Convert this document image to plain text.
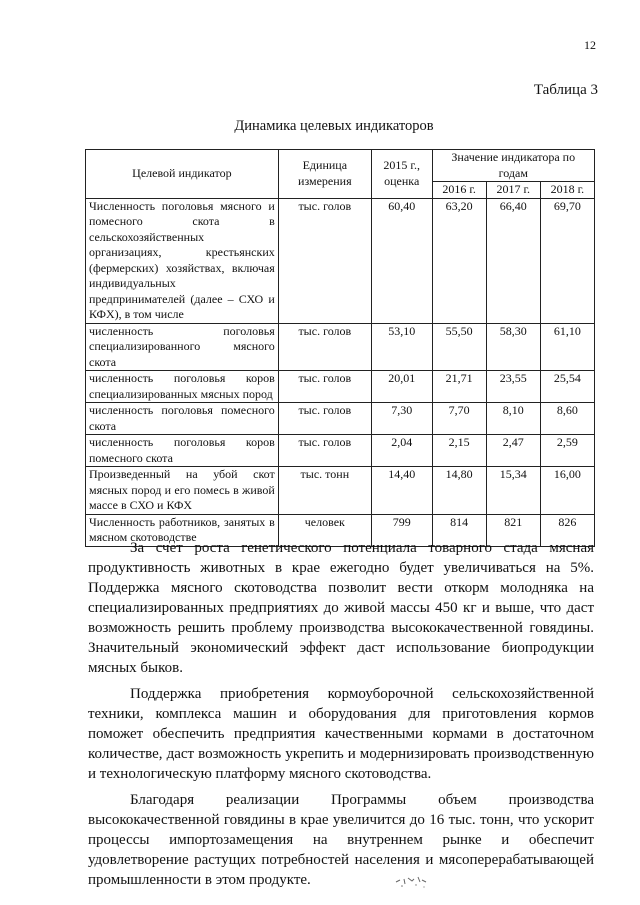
12
Таблица 3
Динамика целевых индикаторов
Целевой индикатор	Единица измерения	2015 г., оценка	Значение индикатора по годам		
			2016 г.	2017 г.	2018 г.
Численность поголовья мясного и помесного скота в сельскохозяйственных организациях, крестьянских (фермерских) хозяйствах, включая индивидуальных предпринимателей (далее – СХО и КФХ), в том числе	тыс. голов	60,40	63,20	66,40	69,70
численность поголовья специализированного мясного скота	тыс. голов	53,10	55,50	58,30	61,10
численность поголовья коров специализированных мясных пород	тыс. голов	20,01	21,71	23,55	25,54
численность поголовья помесного скота	тыс. голов	7,30	7,70	8,10	8,60
численность поголовья коров помесного скота	тыс. голов	2,04	2,15	2,47	2,59
Произведенный на убой скот мясных пород и его помесь в живой массе в СХО и КФХ	тыс. тонн	14,40	14,80	15,34	16,00
Численность работников, занятых в мясном скотоводстве	человек	799	814	821	826

За счет роста генетического потенциала товарного стада мясная продуктивность животных в крае ежегодно будет увеличиваться на 5%. Поддержка мясного скотоводства позволит вести откорм молодняка на специализированных предприятиях до живой массы 450 кг и выше, что даст возможность решить проблему производства высококачественной говядины. Значительный экономический эффект даст использование биопродукции мясных быков.

Поддержка приобретения кормоуборочной сельскохозяйственной техники, комплекса машин и оборудования для приготовления кормов поможет обеспечить предприятия качественными кормами в достаточном количестве, даст возможность укрепить и модернизировать производственную и технологическую платформу мясного скотоводства.

Благодаря реализации Программы объем производства высококачественной говядины в крае увеличится до 16 тыс. тонн, что ускорит процессы импортозамещения на внутреннем рынке и обеспечит удовлетворение растущих потребностей населения и мясоперерабатывающей промышленности в этом продукте.
